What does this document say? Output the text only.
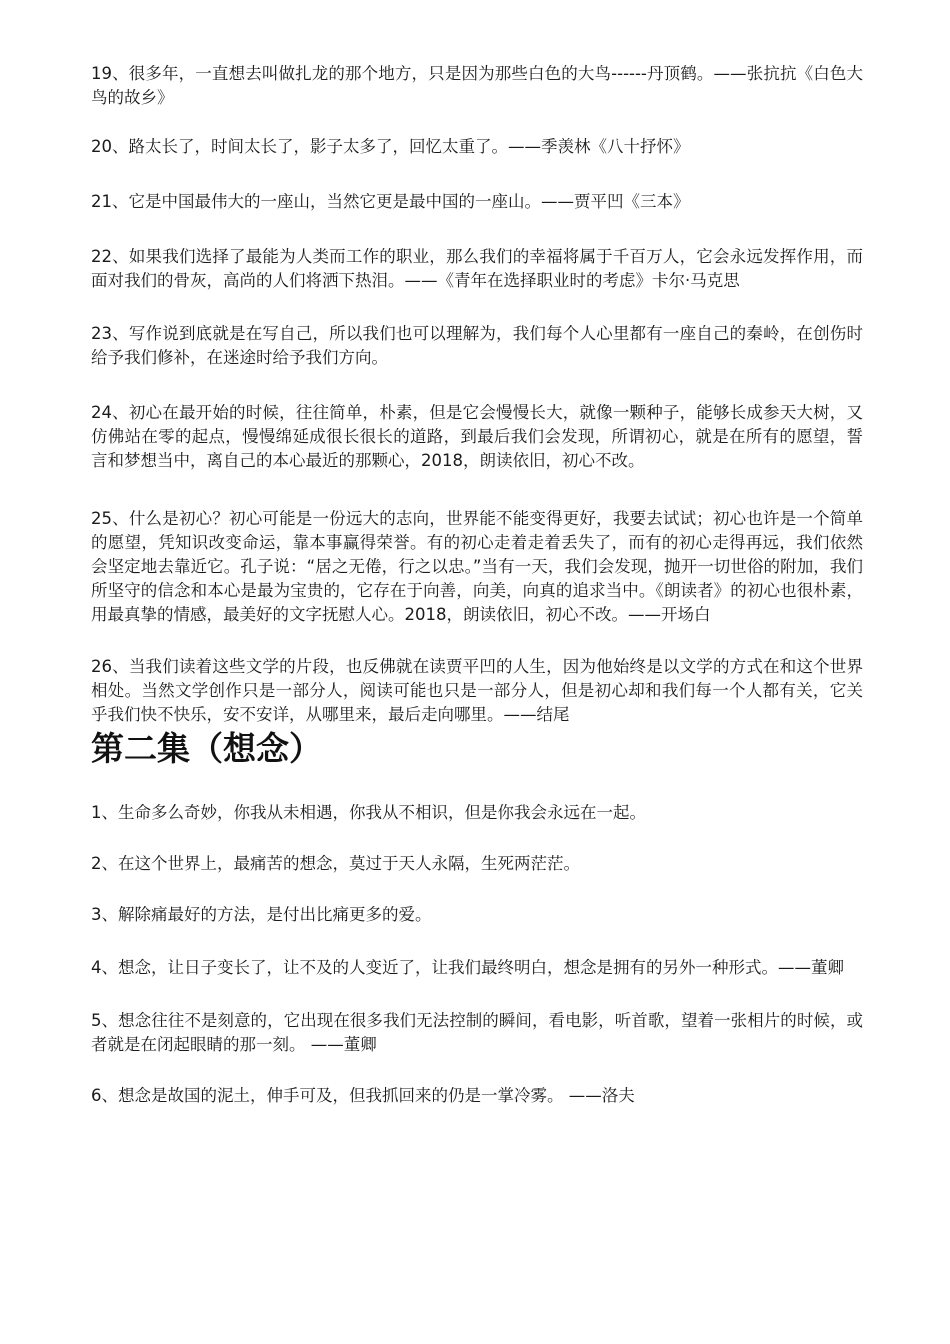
19、很多年，一直想去叫做扎龙的那个地方，只是因为那些白色的大鸟------丹顶鹤。——张抗抗《白色大鸟的故乡》

20、路太长了，时间太长了，影子太多了，回忆太重了。——季羡林《八十抒怀》

21、它是中国最伟大的一座山，当然它更是最中国的一座山。——贾平凹《三本》

22、如果我们选择了最能为人类而工作的职业，那么我们的幸福将属于千百万人，它会永远发挥作用，而面对我们的骨灰，高尚的人们将洒下热泪。——《青年在选择职业时的考虑》卡尔·马克思

23、写作说到底就是在写自己，所以我们也可以理解为，我们每个人心里都有一座自己的秦岭，在创伤时给予我们修补，在迷途时给予我们方向。

24、初心在最开始的时候，往往简单，朴素，但是它会慢慢长大，就像一颗种子，能够长成参天大树，又仿佛站在零的起点，慢慢绵延成很长很长的道路，到最后我们会发现，所谓初心，就是在所有的愿望，誓言和梦想当中，离自己的本心最近的那颗心，2018，朗读依旧，初心不改。

25、什么是初心？初心可能是一份远大的志向，世界能不能变得更好，我要去试试；初心也许是一个简单的愿望，凭知识改变命运，靠本事赢得荣誉。有的初心走着走着丢失了，而有的初心走得再远，我们依然会坚定地去靠近它。孔子说：“居之无倦，行之以忠。”当有一天，我们会发现，抛开一切世俗的附加，我们所坚守的信念和本心是最为宝贵的，它存在于向善，向美，向真的追求当中。《朗读者》的初心也很朴素，用最真挚的情感，最美好的文字抚慰人心。2018，朗读依旧，初心不改。——开场白

26、当我们读着这些文学的片段，也反佛就在读贾平凹的人生，因为他始终是以文学的方式在和这个世界相处。当然文学创作只是一部分人，阅读可能也只是一部分人，但是初心却和我们每一个人都有关，它关乎我们快不快乐，安不安详，从哪里来，最后走向哪里。——结尾

第二集（想念）

1、生命多么奇妙，你我从未相遇，你我从不相识，但是你我会永远在一起。

2、在这个世界上，最痛苦的想念，莫过于天人永隔，生死两茫茫。

3、解除痛最好的方法，是付出比痛更多的爱。

4、想念，让日子变长了，让不及的人变近了，让我们最终明白，想念是拥有的另外一种形式。——董卿

5、想念往往不是刻意的，它出现在很多我们无法控制的瞬间，看电影，听首歌，望着一张相片的时候，或者就是在闭起眼睛的那一刻。 ——董卿

6、想念是故国的泥土，伸手可及，但我抓回来的仍是一掌冷雾。 ——洛夫
